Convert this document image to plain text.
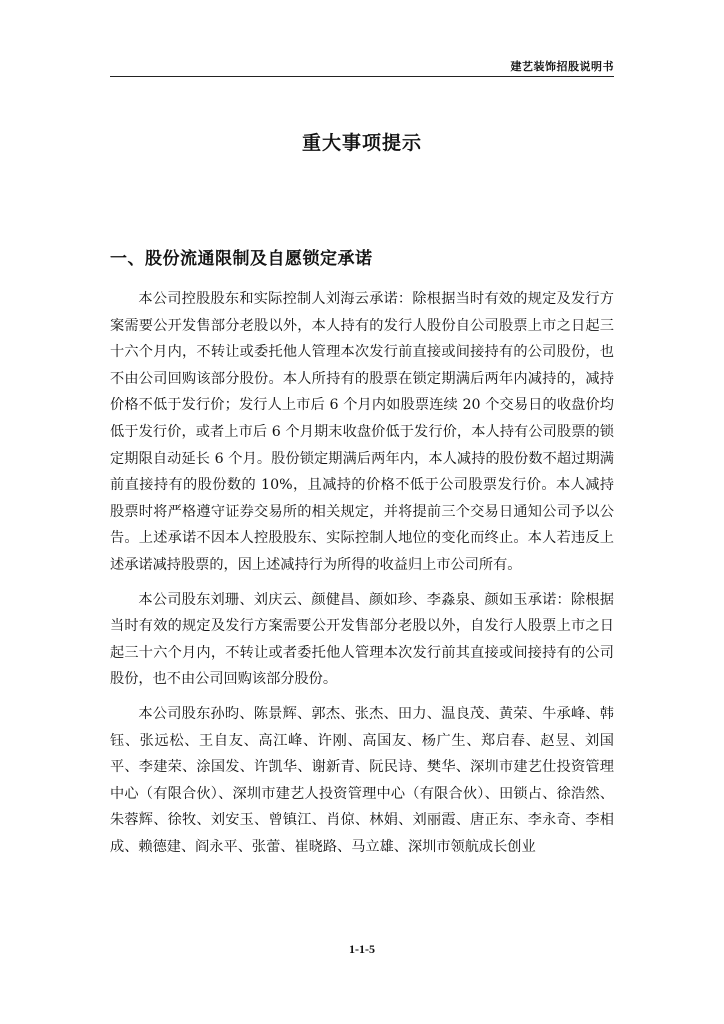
建艺装饰招股说明书
重大事项提示
一、股份流通限制及自愿锁定承诺

本公司控股股东和实际控制人刘海云承诺：除根据当时有效的规定及发行方案需要公开发售部分老股以外，本人持有的发行人股份自公司股票上市之日起三十六个月内，不转让或委托他人管理本次发行前直接或间接持有的公司股份，也不由公司回购该部分股份。本人所持有的股票在锁定期满后两年内减持的，减持价格不低于发行价；发行人上市后 6 个月内如股票连续 20 个交易日的收盘价均低于发行价，或者上市后 6 个月期末收盘价低于发行价，本人持有公司股票的锁定期限自动延长 6 个月。股份锁定期满后两年内，本人减持的股份数不超过期满前直接持有的股份数的 10%，且减持的价格不低于公司股票发行价。本人减持股票时将严格遵守证券交易所的相关规定，并将提前三个交易日通知公司予以公告。上述承诺不因本人控股股东、实际控制人地位的变化而终止。本人若违反上述承诺减持股票的，因上述减持行为所得的收益归上市公司所有。

本公司股东刘珊、刘庆云、颜健昌、颜如珍、李淼泉、颜如玉承诺：除根据当时有效的规定及发行方案需要公开发售部分老股以外，自发行人股票上市之日起三十六个月内，不转让或者委托他人管理本次发行前其直接或间接持有的公司股份，也不由公司回购该部分股份。

本公司股东孙昀、陈景辉、郭杰、张杰、田力、温良茂、黄荣、牛承峰、韩钰、张远松、王自友、高江峰、许刚、高国友、杨广生、郑启春、赵昱、刘国平、李建荣、涂国发、许凯华、谢新青、阮民诗、樊华、深圳市建艺仕投资管理中心（有限合伙）、深圳市建艺人投资管理中心（有限合伙）、田锁占、徐浩然、朱蓉辉、徐牧、刘安玉、曾镇江、肖倞、林娟、刘丽霞、唐正东、李永奇、李相成、赖德建、阎永平、张蕾、崔晓路、马立雄、深圳市领航成长创业

1-1-5
